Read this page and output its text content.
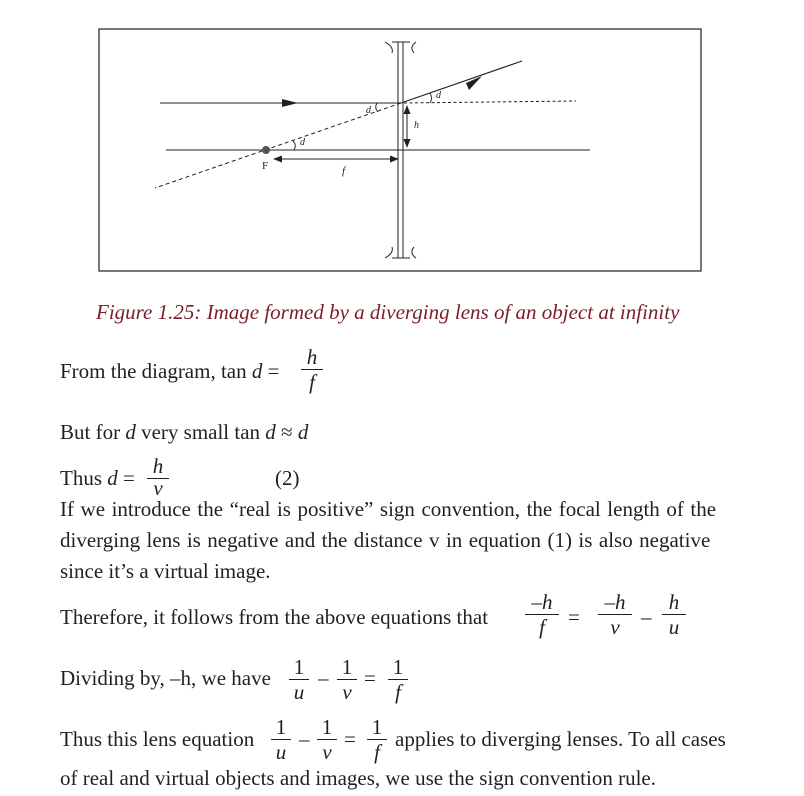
F	f
h
d
d
d
Figure 1.25: Image formed by a diverging lens of an object at infinity
From the diagram, tan d =
h
f
But for d very small tan d ≈ d
Thus d = h
v	(2)
If we introduce the “real is positive” sign convention, the focal length of the
diverging lens is negative and the distance v in equation (1) is also negative
since it’s a virtual image.
Therefore, it follows from the above equations that
–h
f	=
–h
v	–
h
u
Dividing by, –h, we have 1
u
– 1
v
= 1
f
Thus this lens equation 1
u
– 1
v
= 1
f
applies to diverging lenses. To all cases
of real and virtual objects and images, we use the sign convention rule.
